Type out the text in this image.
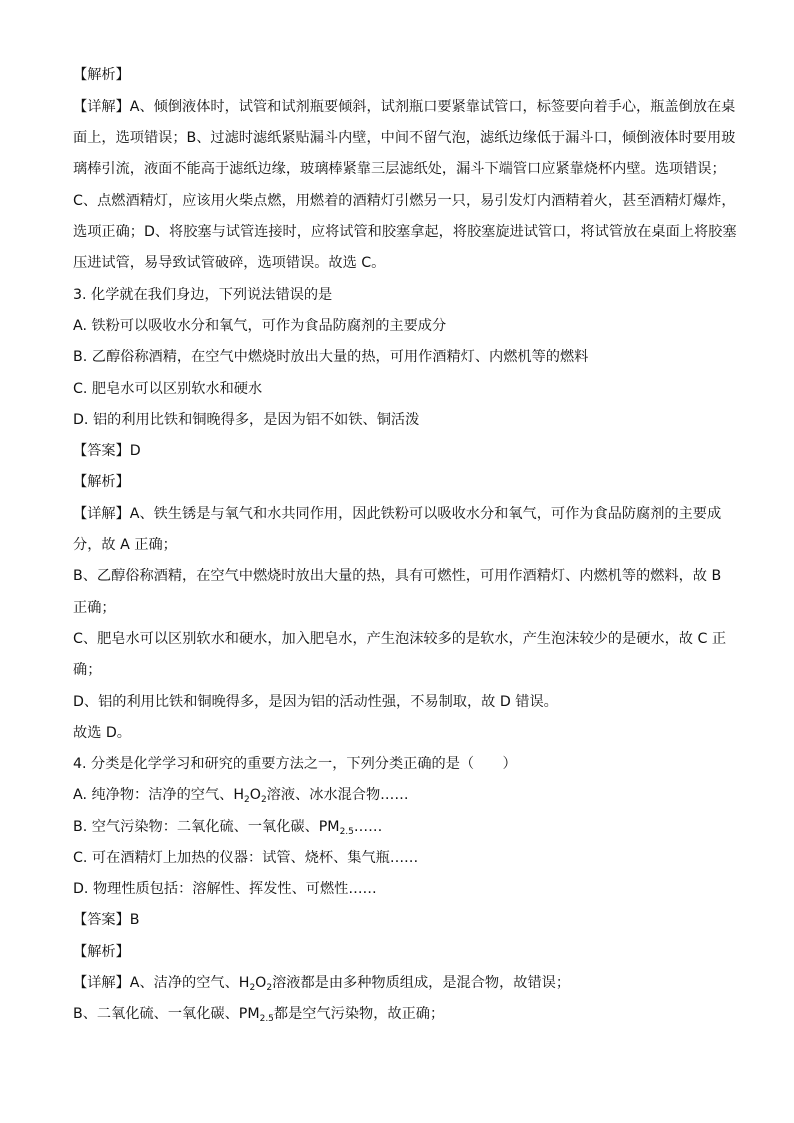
【解析】
【详解】A、倾倒液体时，试管和试剂瓶要倾斜，试剂瓶口要紧靠试管口，标签要向着手心，瓶盖倒放在桌
面上，选项错误；B、过滤时滤纸紧贴漏斗内壁，中间不留气泡，滤纸边缘低于漏斗口，倾倒液体时要用玻
璃棒引流，液面不能高于滤纸边缘，玻璃棒紧靠三层滤纸处，漏斗下端管口应紧靠烧杯内壁。选项错误；
C、点燃酒精灯，应该用火柴点燃，用燃着的酒精灯引燃另一只，易引发灯内酒精着火，甚至酒精灯爆炸，
选项正确；D、将胶塞与试管连接时，应将试管和胶塞拿起，将胶塞旋进试管口，将试管放在桌面上将胶塞
压进试管，易导致试管破碎，选项错误。故选 C。
3. 化学就在我们身边，下列说法错误的是
A. 铁粉可以吸收水分和氧气，可作为食品防腐剂的主要成分
B. 乙醇俗称酒精，在空气中燃烧时放出大量的热，可用作酒精灯、内燃机等的燃料
C. 肥皂水可以区别软水和硬水
D. 铝的利用比铁和铜晚得多，是因为铝不如铁、铜活泼
【答案】D
【解析】
【详解】A、铁生锈是与氧气和水共同作用，因此铁粉可以吸收水分和氧气，可作为食品防腐剂的主要成
分，故 A 正确；
B、乙醇俗称酒精，在空气中燃烧时放出大量的热，具有可燃性，可用作酒精灯、内燃机等的燃料，故 B
正确；
C、肥皂水可以区别软水和硬水，加入肥皂水，产生泡沫较多的是软水，产生泡沫较少的是硬水，故 C 正
确；
D、铝的利用比铁和铜晚得多，是因为铝的活动性强，不易制取，故 D 错误。
故选 D。
4. 分类是化学学习和研究的重要方法之一，下列分类正确的是（　　）
A. 纯净物：洁净的空气、$H_2O_2$溶液、冰水混合物……
B. 空气污染物：二氧化硫、一氧化碳、$PM_{2.5}\dots\dots$
C. 可在酒精灯上加热的仪器：试管、烧杯、集气瓶……
D. 物理性质包括：溶解性、挥发性、可燃性……
【答案】B
【解析】
【详解】A、洁净的空气、$H_2O_2$溶液都是由多种物质组成，是混合物，故错误；
B、二氧化硫、一氧化碳、$PM_{2.5}$都是空气污染物，故正确；
